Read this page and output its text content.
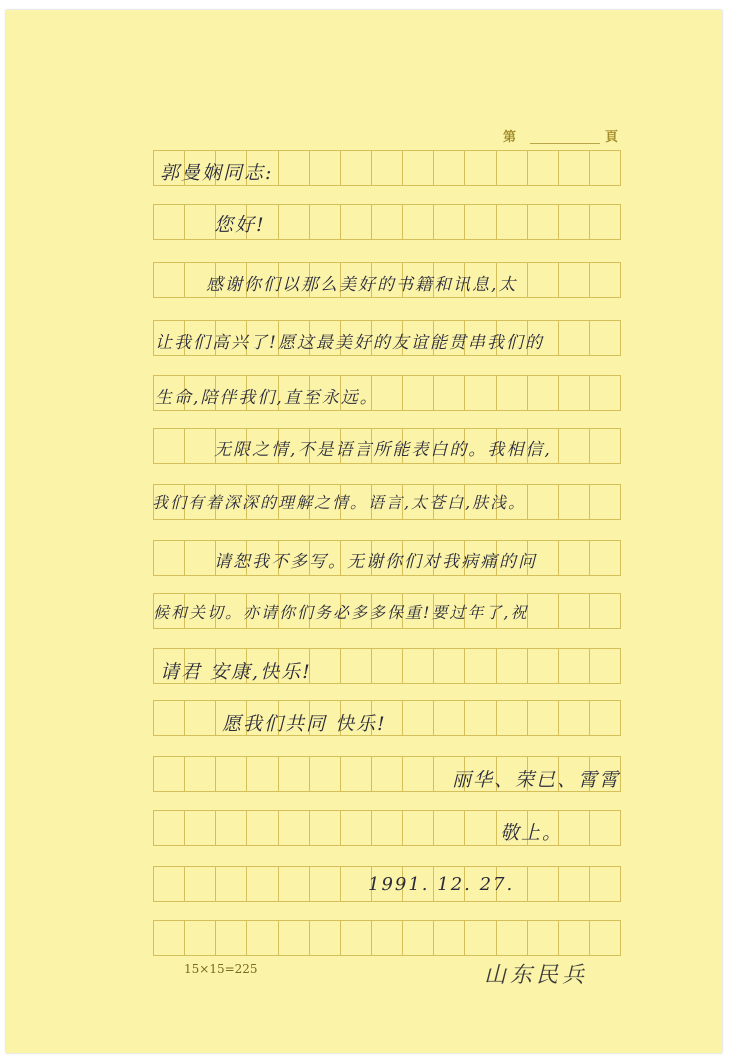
第	頁
郭曼娴同志:
您好!
感谢你们以那么美好的书籍和讯息,太
让我们高兴了!愿这最美好的友谊能贯串我们的
生命,陪伴我们,直至永远。
无限之情,不是语言所能表白的。我相信,
我们有着深深的理解之情。语言,太苍白,肤浅。
请恕我不多写。无谢你们对我病痛的问
候和关切。亦请你们务必多多保重!要过年了,祝
请君 安康,快乐!
愿我们共同 快乐!
丽华、荣已、霄霄
敬上。
1991. 12. 27.
15×15=225	山东民兵
